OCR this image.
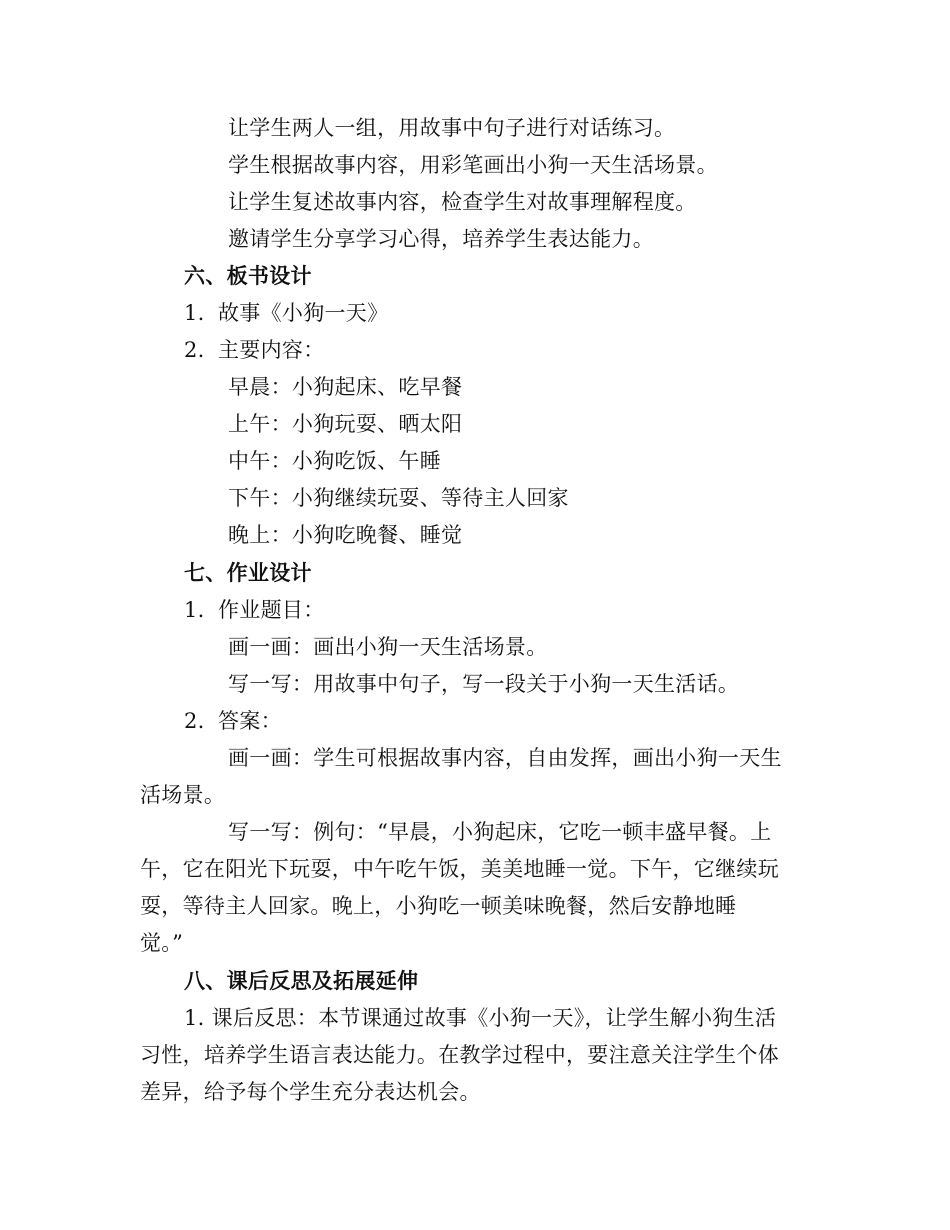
让学生两人一组，用故事中句子进行对话练习。
学生根据故事内容，用彩笔画出小狗一天生活场景。
让学生复述故事内容，检查学生对故事理解程度。
邀请学生分享学习心得，培养学生表达能力。
六、板书设计
1. 故事《小狗一天》
2. 主要内容：
早晨：小狗起床、吃早餐
上午：小狗玩耍、晒太阳
中午：小狗吃饭、午睡
下午：小狗继续玩耍、等待主人回家
晚上：小狗吃晚餐、睡觉
七、作业设计
1. 作业题目：
画一画：画出小狗一天生活场景。
写一写：用故事中句子，写一段关于小狗一天生活话。
2. 答案：
画一画：学生可根据故事内容，自由发挥，画出小狗一天生
活场景。
写一写：例句：“早晨，小狗起床，它吃一顿丰盛早餐。上
午，它在阳光下玩耍，中午吃午饭，美美地睡一觉。下午，它继续玩
耍，等待主人回家。晚上，小狗吃一顿美味晚餐，然后安静地睡
觉。”
八、课后反思及拓展延伸
1. 课后反思：本节课通过故事《小狗一天》，让学生解小狗生活
习性，培养学生语言表达能力。在教学过程中，要注意关注学生个体
差异，给予每个学生充分表达机会。
